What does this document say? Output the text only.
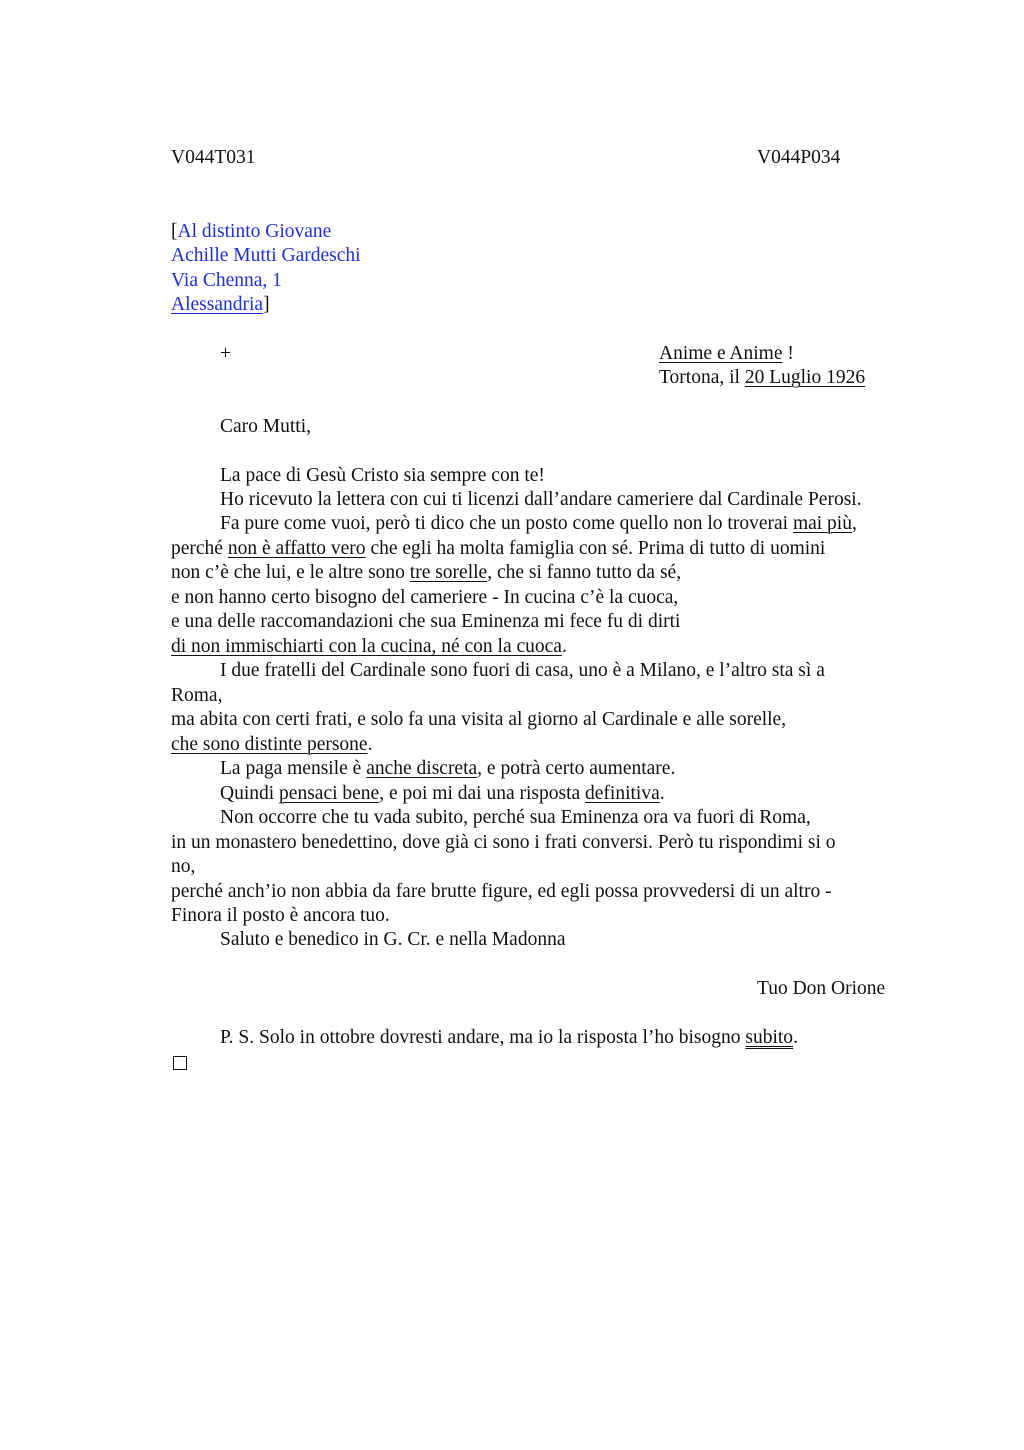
V044T031	V044P034
[Al distinto Giovane
Achille Mutti Gardeschi
Via Chenna, 1
Alessandria]
+	Anime e Anime !
Tortona, il 20 Luglio 1926
Caro Mutti,
La pace di Gesù Cristo sia sempre con te!
Ho ricevuto la lettera con cui ti licenzi dall’andare cameriere dal Cardinale Perosi.
Fa pure come vuoi, però ti dico che un posto come quello non lo troverai mai più,
perché non è affatto vero che egli ha molta famiglia con sé. Prima di tutto di uomini
non c’è che lui, e le altre sono tre sorelle, che si fanno tutto da sé,
e non hanno certo bisogno del cameriere - In cucina c’è la cuoca,
e una delle raccomandazioni che sua Eminenza mi fece fu di dirti
di non immischiarti con la cucina, né con la cuoca.
I due fratelli del Cardinale sono fuori di casa, uno è a Milano, e l’altro sta sì a
Roma,
ma abita con certi frati, e solo fa una visita al giorno al Cardinale e alle sorelle,
che sono distinte persone.
La paga mensile è anche discreta, e potrà certo aumentare.
Quindi pensaci bene, e poi mi dai una risposta definitiva.
Non occorre che tu vada subito, perché sua Eminenza ora va fuori di Roma,
in un monastero benedettino, dove già ci sono i frati conversi. Però tu rispondimi si o
no,
perché anch’io non abbia da fare brutte figure, ed egli possa provvedersi di un altro -
Finora il posto è ancora tuo.
Saluto e benedico in G. Cr. e nella Madonna
Tuo Don Orione
P. S. Solo in ottobre dovresti andare, ma io la risposta l’ho bisogno subito.
